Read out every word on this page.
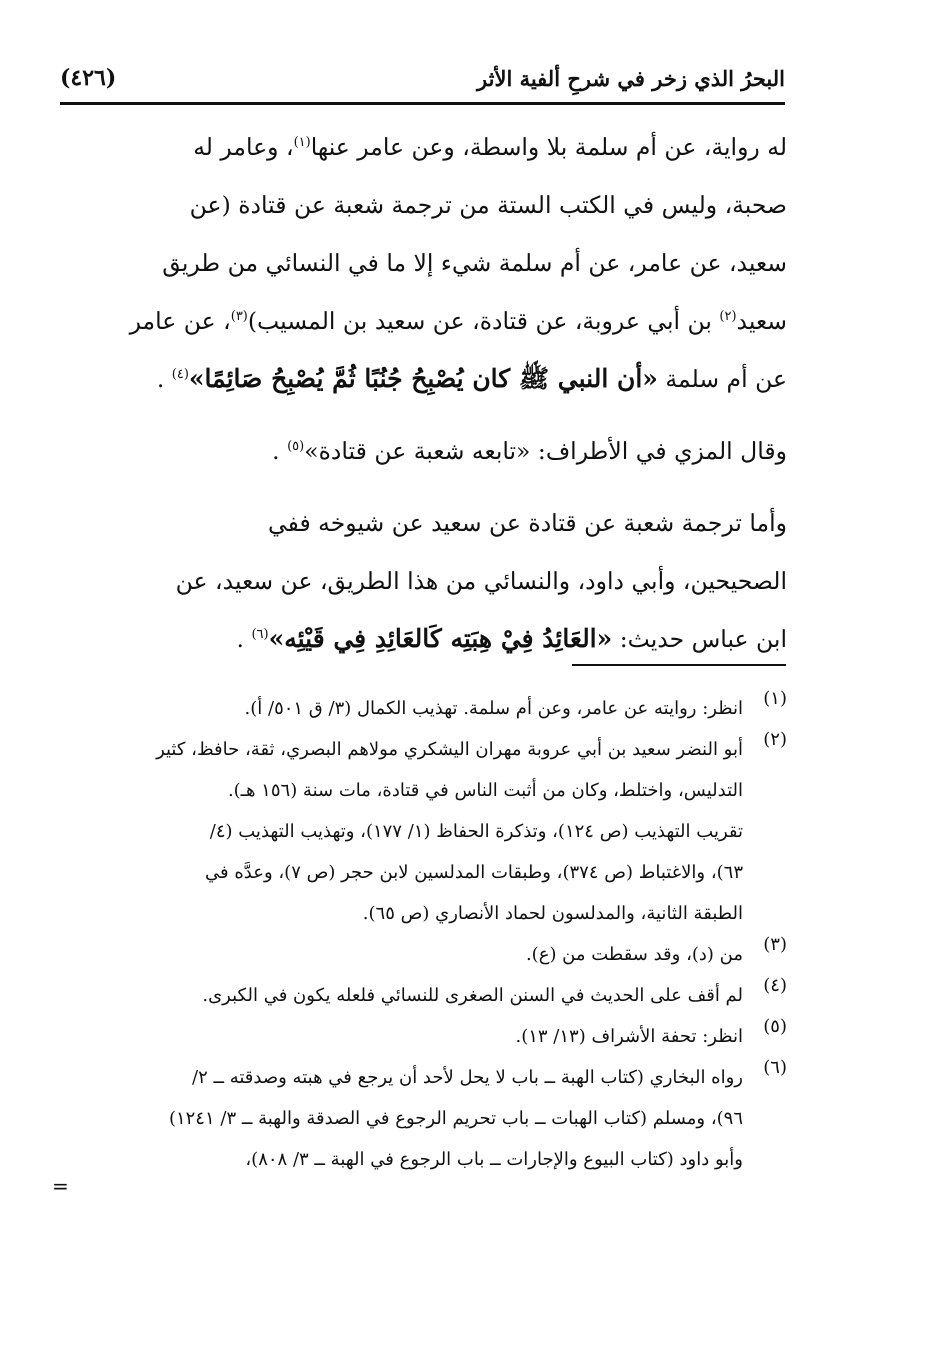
البحرُ الذي زخر في شرحِ ألفية الأثر
(٤٢٦)
له رواية، عن أم سلمة بلا واسطة، وعن عامر عنها$^{(١)}$، وعامر له
صحبة، وليس في الكتب الستة من ترجمة شعبة عن قتادة (عن
سعيد، عن عامر، عن أم سلمة شيء إلا ما في النسائي من طريق
سعيد$^{(٢)}$ بن أبي عروبة، عن قتادة، عن سعيد بن المسيب)$^{(٣)}$، عن عامر
عن أم سلمة «أن النبي ﷺ كان يُصْبِحُ جُنُبًا ثُمَّ يُصْبِحُ صَائِمًا»$^{(٤)}$ .
وقال المزي في الأطراف: «تابعه شعبة عن قتادة»$^{(٥)}$ .
وأما ترجمة شعبة عن قتادة عن سعيد عن شيوخه ففي
الصحيحين، وأبي داود، والنسائي من هذا الطريق، عن سعيد، عن
ابن عباس حديث: «العَائِدُ فِيْ هِبَتِه كَالعَائِدِ فِي قَيْئِه»$^{(٦)}$ .
(١)
انظر: روايته عن عامر، وعن أم سلمة. تهذيب الكمال (٣/ ق ٥٠١/ أ).
(٢)
أبو النضر سعيد بن أبي عروبة مهران اليشكري مولاهم البصري، ثقة، حافظ، كثير
التدليس، واختلط، وكان من أثبت الناس في قتادة، مات سنة (١٥٦ هـ).
تقريب التهذيب (ص ١٢٤)، وتذكرة الحفاظ (١/ ١٧٧)، وتهذيب التهذيب (٤/
٦٣)، والاغتباط (ص ٣٧٤)، وطبقات المدلسين لابن حجر (ص ٧)، وعدَّه في
الطبقة الثانية، والمدلسون لحماد الأنصاري (ص ٦٥).
(٣)
من (د)، وقد سقطت من (ع).
(٤)
لم أقف على الحديث في السنن الصغرى للنسائي فلعله يكون في الكبرى.
(٥)
انظر: تحفة الأشراف (١٣/ ١٣).
(٦)
رواه البخاري (كتاب الهبة ــ باب لا يحل لأحد أن يرجع في هبته وصدقته ــ ٢/
٩٦)، ومسلم (كتاب الهبات ــ باب تحريم الرجوع في الصدقة والهبة ــ ٣/ ١٢٤١)
وأبو داود (كتاب البيوع والإجارات ــ باب الرجوع في الهبة ــ ٣/ ٨٠٨)،
=
